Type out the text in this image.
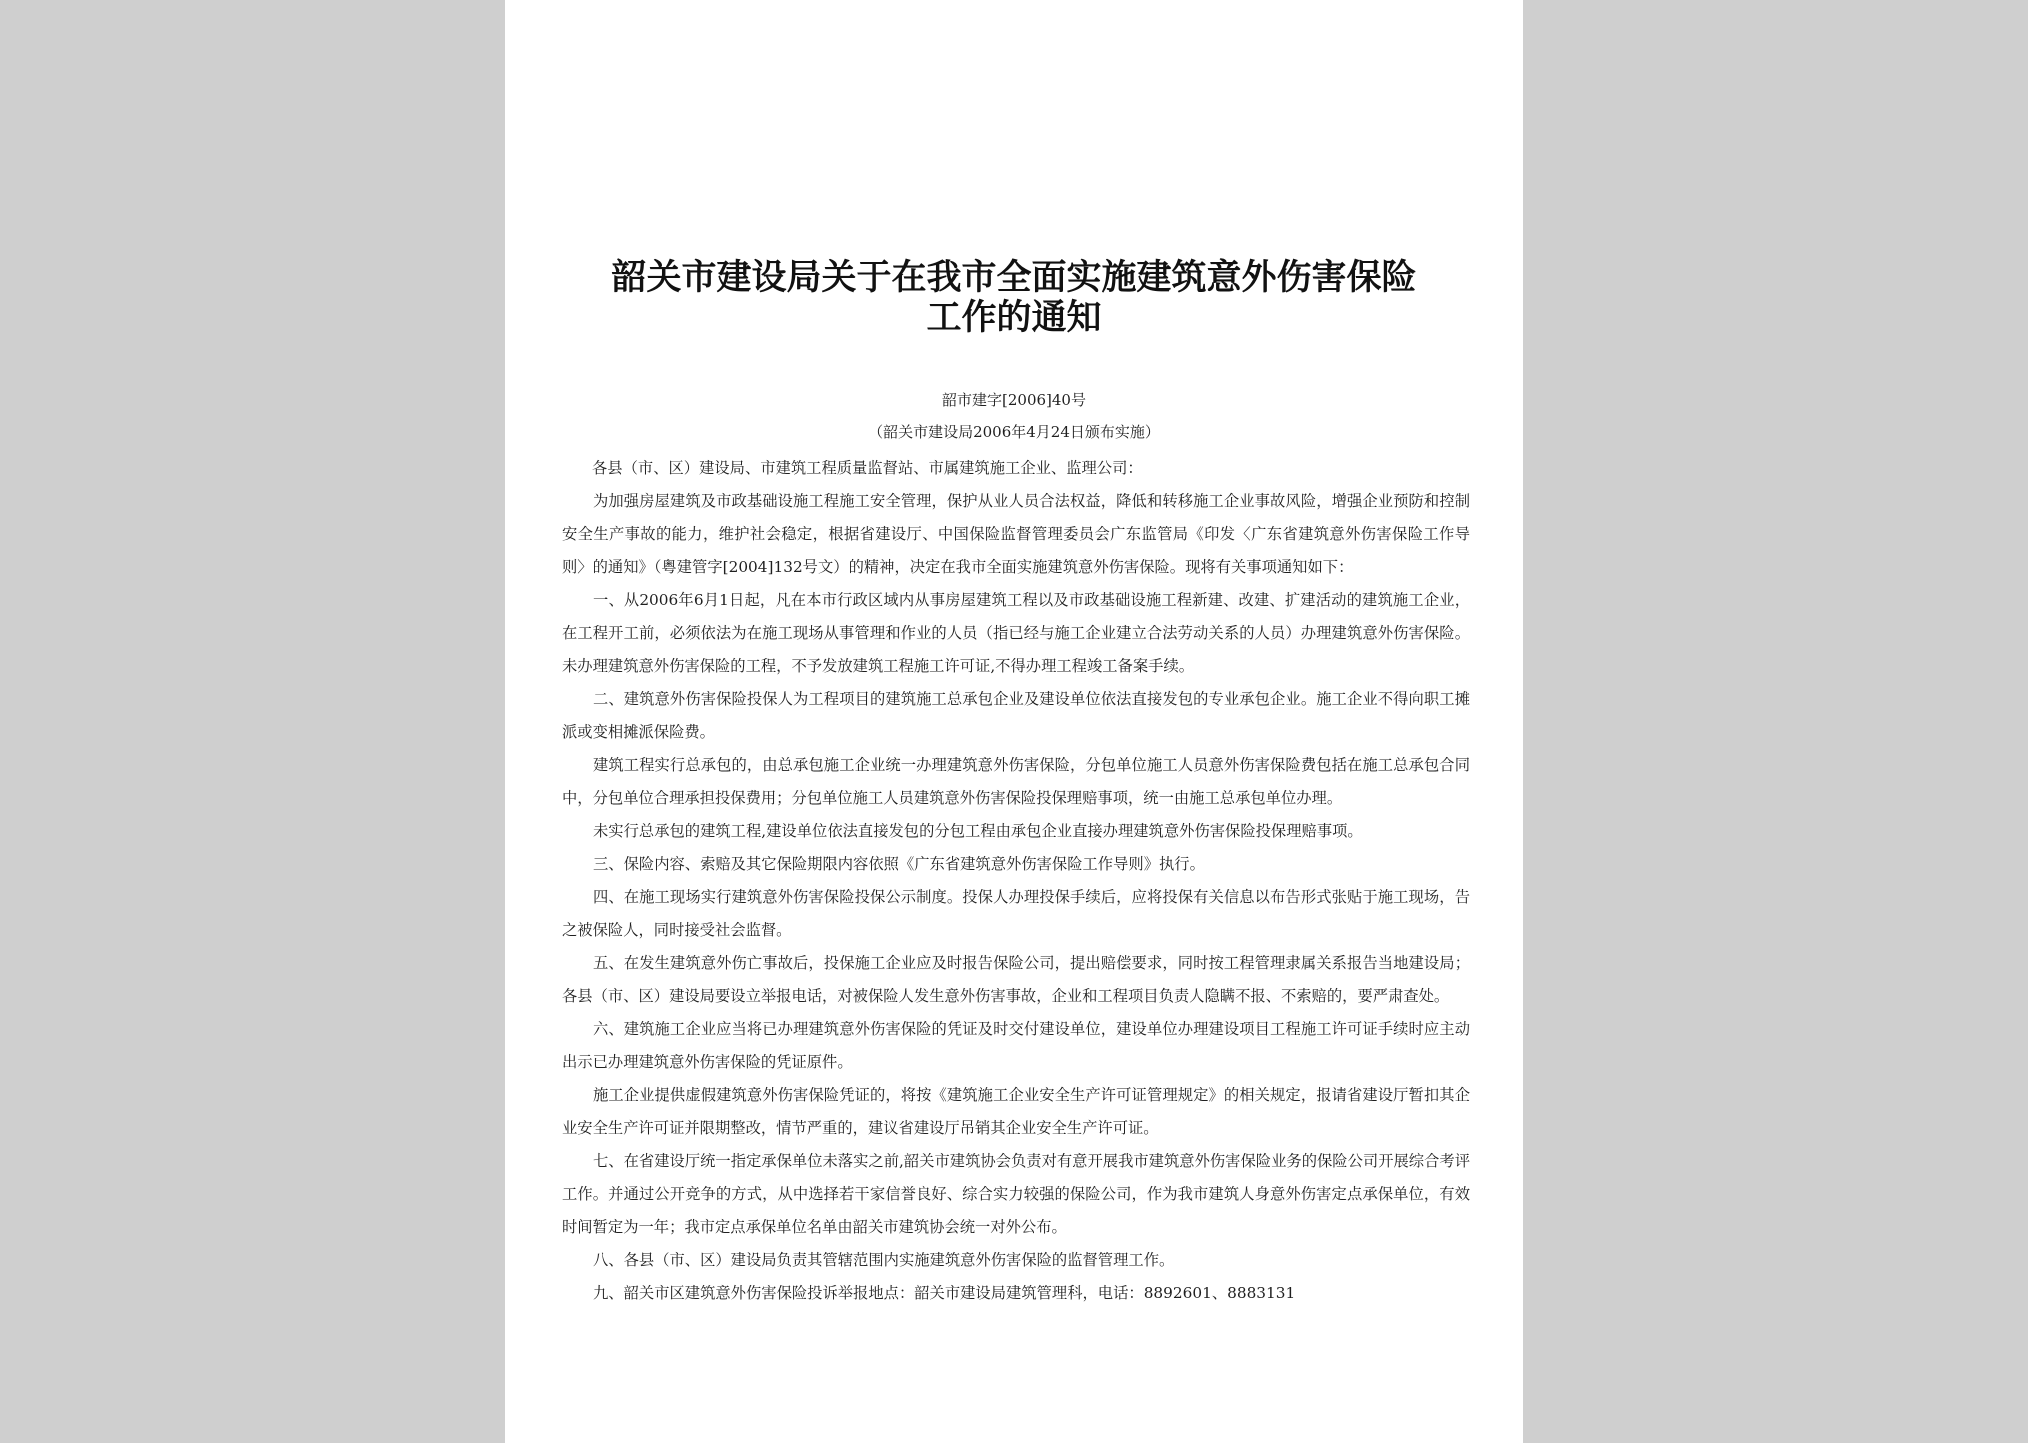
韶关市建设局关于在我市全面实施建筑意外伤害保险
工作的通知
韶市建字[2006]40号
（韶关市建设局2006年4月24日颁布实施）

各县（市、区）建设局、市建筑工程质量监督站、市属建筑施工企业、监理公司：

为加强房屋建筑及市政基础设施工程施工安全管理，保护从业人员合法权益，降低和转移施工企业事故风险，增强企业预防和控制安全生产事故的能力，维护社会稳定，根据省建设厅、中国保险监督管理委员会广东监管局《印发〈广东省建筑意外伤害保险工作导则〉的通知》（粤建管字[2004]132号文）的精神，决定在我市全面实施建筑意外伤害保险。现将有关事项通知如下：

一、从2006年6月1日起，凡在本市行政区域内从事房屋建筑工程以及市政基础设施工程新建、改建、扩建活动的建筑施工企业，在工程开工前，必须依法为在施工现场从事管理和作业的人员（指已经与施工企业建立合法劳动关系的人员）办理建筑意外伤害保险。未办理建筑意外伤害保险的工程，不予发放建筑工程施工许可证,不得办理工程竣工备案手续。

二、建筑意外伤害保险投保人为工程项目的建筑施工总承包企业及建设单位依法直接发包的专业承包企业。施工企业不得向职工摊派或变相摊派保险费。

建筑工程实行总承包的，由总承包施工企业统一办理建筑意外伤害保险，分包单位施工人员意外伤害保险费包括在施工总承包合同中，分包单位合理承担投保费用；分包单位施工人员建筑意外伤害保险投保理赔事项，统一由施工总承包单位办理。

未实行总承包的建筑工程,建设单位依法直接发包的分包工程由承包企业直接办理建筑意外伤害保险投保理赔事项。

三、保险内容、索赔及其它保险期限内容依照《广东省建筑意外伤害保险工作导则》执行。

四、在施工现场实行建筑意外伤害保险投保公示制度。投保人办理投保手续后，应将投保有关信息以布告形式张贴于施工现场，告之被保险人，同时接受社会监督。

五、在发生建筑意外伤亡事故后，投保施工企业应及时报告保险公司，提出赔偿要求，同时按工程管理隶属关系报告当地建设局；各县（市、区）建设局要设立举报电话，对被保险人发生意外伤害事故，企业和工程项目负责人隐瞒不报、不索赔的，要严肃查处。

六、建筑施工企业应当将已办理建筑意外伤害保险的凭证及时交付建设单位，建设单位办理建设项目工程施工许可证手续时应主动出示已办理建筑意外伤害保险的凭证原件。

施工企业提供虚假建筑意外伤害保险凭证的，将按《建筑施工企业安全生产许可证管理规定》的相关规定，报请省建设厅暂扣其企业安全生产许可证并限期整改，情节严重的，建议省建设厅吊销其企业安全生产许可证。

七、在省建设厅统一指定承保单位未落实之前,韶关市建筑协会负责对有意开展我市建筑意外伤害保险业务的保险公司开展综合考评工作。并通过公开竞争的方式，从中选择若干家信誉良好、综合实力较强的保险公司，作为我市建筑人身意外伤害定点承保单位，有效时间暂定为一年；我市定点承保单位名单由韶关市建筑协会统一对外公布。

八、各县（市、区）建设局负责其管辖范围内实施建筑意外伤害保险的监督管理工作。

九、韶关市区建筑意外伤害保险投诉举报地点：韶关市建设局建筑管理科，电话：8892601、8883131
